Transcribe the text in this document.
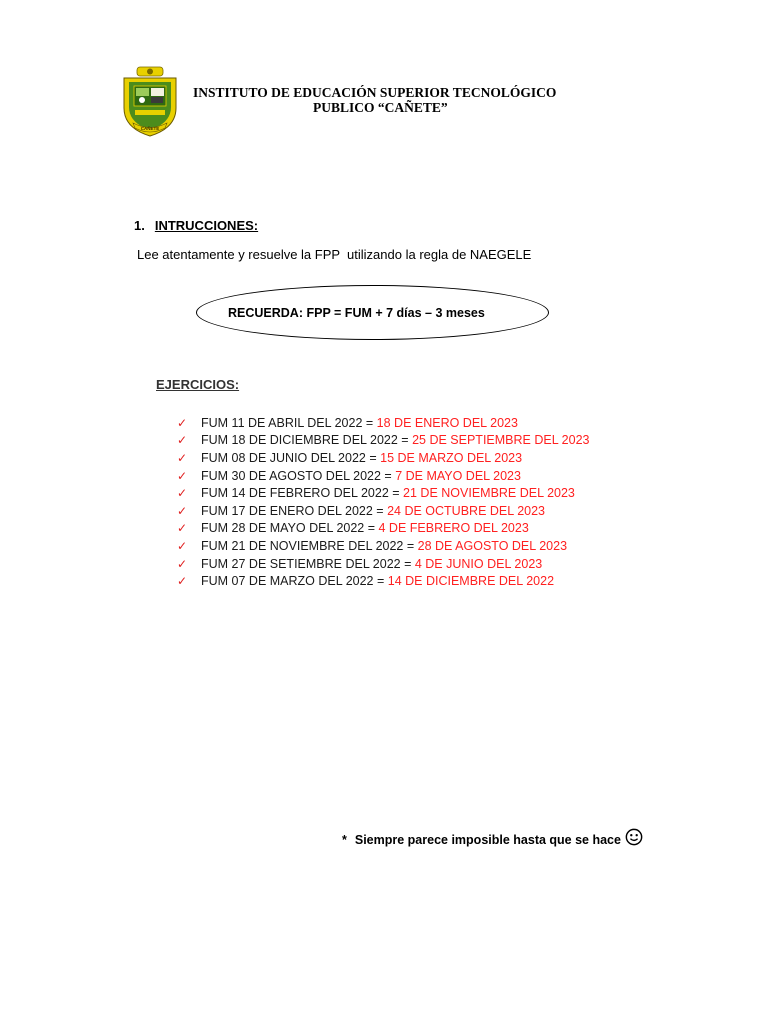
CAÑETE
INSTITUTO DE EDUCACIÓN SUPERIOR TECNOLÓGICO
PUBLICO “CAÑETE”
1. INTRUCCIONES:
Lee atentamente y resuelve la FPP  utilizando la regla de NAEGELE
RECUERDA: FPP = FUM + 7 días – 3 meses
EJERCICIOS:
✓	FUM 11 DE ABRIL DEL 2022 = 18 DE ENERO DEL 2023
✓	FUM 18 DE DICIEMBRE DEL 2022 = 25 DE SEPTIEMBRE DEL 2023
✓	FUM 08 DE JUNIO DEL 2022 = 15 DE MARZO DEL 2023
✓	FUM 30 DE AGOSTO DEL 2022 = 7 DE MAYO DEL 2023
✓	FUM 14 DE FEBRERO DEL 2022 = 21 DE NOVIEMBRE DEL 2023
✓	FUM 17 DE ENERO DEL 2022 = 24 DE OCTUBRE DEL 2023
✓	FUM 28 DE MAYO DEL 2022 = 4 DE FEBRERO DEL 2023
✓	FUM 21 DE NOVIEMBRE DEL 2022 = 28 DE AGOSTO DEL 2023
✓	FUM 27 DE SETIEMBRE DEL 2022 = 4 DE JUNIO DEL 2023
✓	FUM 07 DE MARZO DEL 2022 = 14 DE DICIEMBRE DEL 2022
* Siempre parece imposible hasta que se hace
